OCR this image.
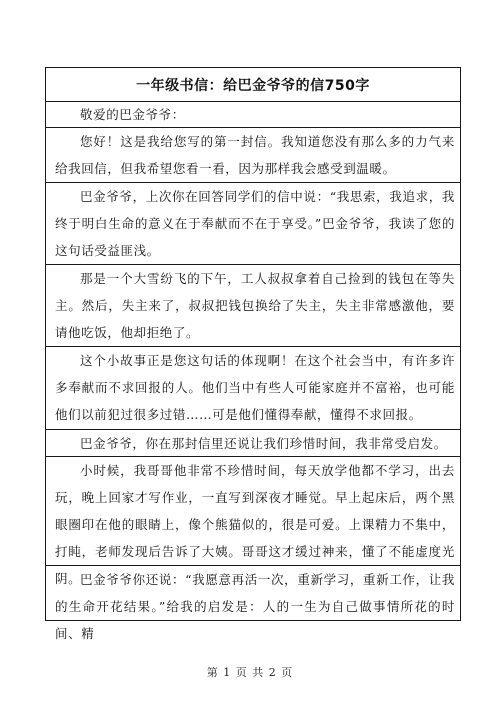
一年级书信：给巴金爷爷的信750字
敬爱的巴金爷爷：
您好！这是我给您写的第一封信。我知道您没有那么多的力气来给我回信，但我希望您看一看，因为那样我会感受到温暖。
巴金爷爷，上次你在回答同学们的信中说：“我思索，我追求，我终于明白生命的意义在于奉献而不在于享受。”巴金爷爷，我读了您的这句话受益匪浅。
那是一个大雪纷飞的下午，工人叔叔拿着自己捡到的钱包在等失主。然后，失主来了，叔叔把钱包换给了失主，失主非常感激他，要请他吃饭，他却拒绝了。
这个小故事正是您这句话的体现啊！在这个社会当中，有许多许多奉献而不求回报的人。他们当中有些人可能家庭并不富裕，也可能他们以前犯过很多过错……可是他们懂得奉献，懂得不求回报。
巴金爷爷，你在那封信里还说让我们珍惜时间，我非常受启发。
小时候，我哥哥他非常不珍惜时间，每天放学他都不学习，出去玩，晚上回家才写作业，一直写到深夜才睡觉。早上起床后，两个黑眼圈印在他的眼睛上，像个熊猫似的，很是可爱。上课精力不集中，打盹，老师发现后告诉了大姨。哥哥这才缓过神来，懂了不能虚度光阴。
巴金爷爷你还说：“我愿意再活一次，重新学习，重新工作，让我的生命开花结果。”给我的启发是：人的一生为自己做事情所花的时间、精
第 1 页 共 2 页
